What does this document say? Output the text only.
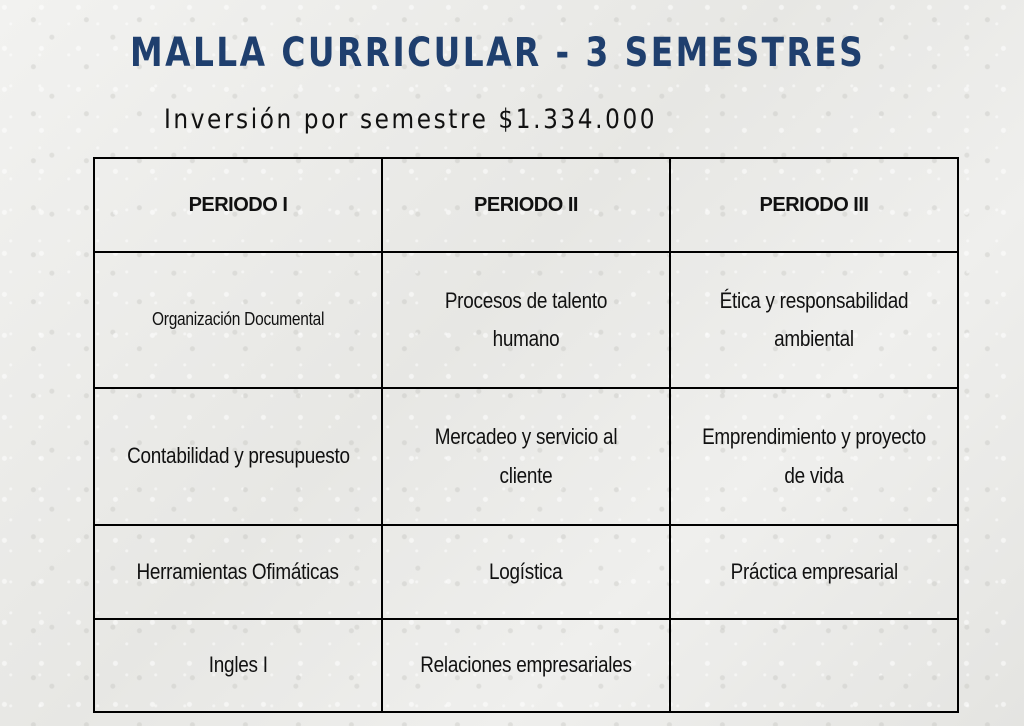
MALLA CURRICULAR - 3 SEMESTRES

Inversión por semestre $1.334.000

PERIODO I	PERIODO II	PERIODO III
Organización Documental	Procesos de talento humano	Ética y responsabilidad ambiental
Contabilidad y presupuesto	Mercadeo y servicio al cliente	Emprendimiento y proyecto de vida
Herramientas Ofimáticas	Logística	Práctica empresarial
Ingles I	Relaciones empresariales	
